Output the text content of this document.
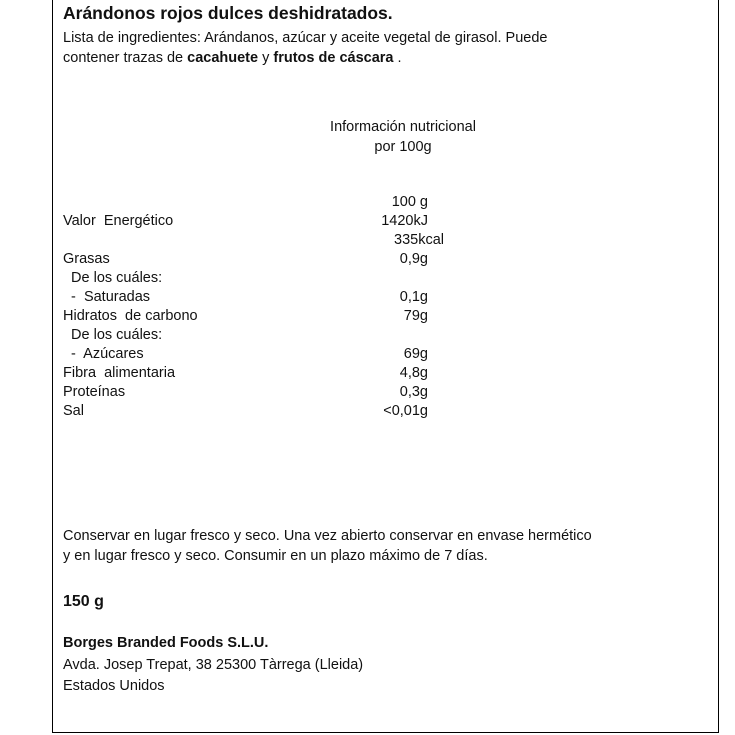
Arándonos rojos dulces deshidratados.
Lista de ingredientes: Arándanos, azúcar y aceite vegetal de girasol. Puede
contener trazas de cacahuete y frutos de cáscara .
Información nutricional
por 100g
100 g
Valor  Energético	1420kJ
335kcal
Grasas	0,9g
De los cuáles:
-  Saturadas	0,1g
Hidratos  de carbono	79g
De los cuáles:
-  Azúcares	69g
Fibra  alimentaria	4,8g
Proteínas	0,3g
Sal	<0,01g
Conservar en lugar fresco y seco. Una vez abierto conservar en envase hermético
y en lugar fresco y seco. Consumir en un plazo máximo de 7 días.
150 g
Borges Branded Foods S.L.U.
Avda. Josep Trepat, 38 25300 Tàrrega (Lleida)
Estados Unidos
